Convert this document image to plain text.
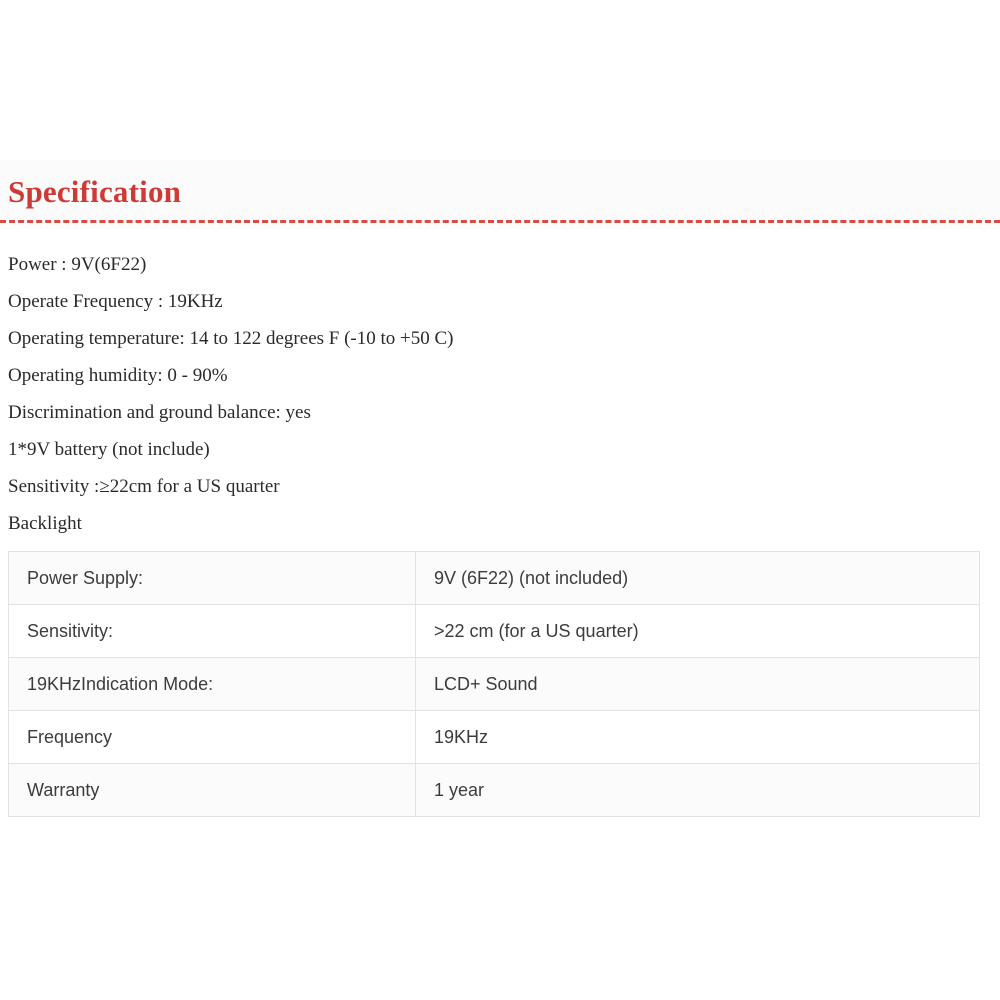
Specification
Power : 9V(6F22)
Operate Frequency : 19KHz
Operating temperature: 14 to 122 degrees F (-10 to +50 C)
Operating humidity: 0 - 90%
Discrimination and ground balance: yes
1*9V battery (not include)
Sensitivity :≥22cm for a US quarter
Backlight
Power Supply:	9V (6F22) (not included)
Sensitivity:	>22 cm (for a US quarter)
19KHzIndication Mode:	LCD+ Sound
Frequency	19KHz
Warranty	1 year
